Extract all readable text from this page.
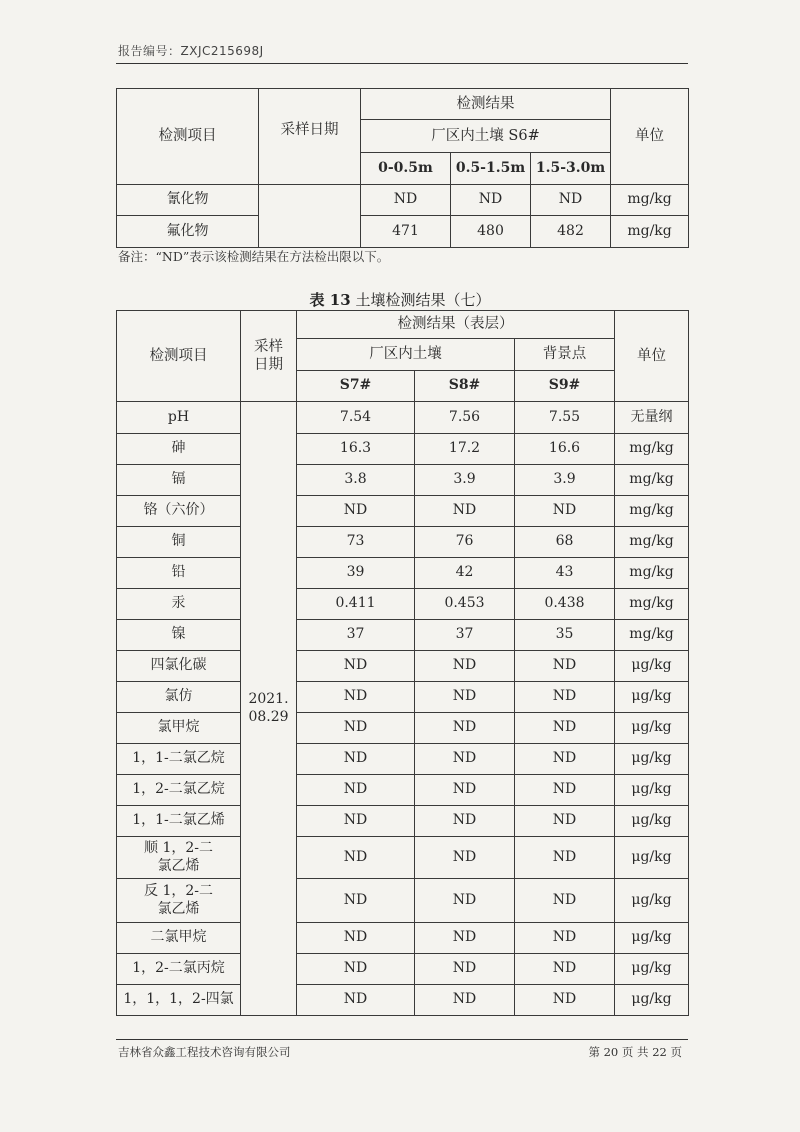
报告编号：ZXJC215698J
检测项目	采样日期	检测结果			单位
		厂区内土壤 S6#			
		0-0.5m	0.5-1.5m	1.5-3.0m	
氰化物		ND	ND	ND	mg/kg
氟化物		471	480	482	mg/kg
备注：“ND”表示该检测结果在方法检出限以下。
表 13 土壤检测结果（七）
检测项目	采样日期	检测结果（表层）			单位
		厂区内土壤		背景点	
		S7#	S8#	S9#	
pH	2021.08.29	7.54	7.56	7.55	无量纲
砷		16.3	17.2	16.6	mg/kg
镉		3.8	3.9	3.9	mg/kg
铬（六价）		ND	ND	ND	mg/kg
铜		73	76	68	mg/kg
铅		39	42	43	mg/kg
汞		0.411	0.453	0.438	mg/kg
镍		37	37	35	mg/kg
四氯化碳		ND	ND	ND	μg/kg
氯仿		ND	ND	ND	μg/kg
氯甲烷		ND	ND	ND	μg/kg
1，1-二氯乙烷		ND	ND	ND	μg/kg
1，2-二氯乙烷		ND	ND	ND	μg/kg
1，1-二氯乙烯		ND	ND	ND	μg/kg
顺 1，2-二氯乙烯		ND	ND	ND	μg/kg
反 1，2-二氯乙烯		ND	ND	ND	μg/kg
二氯甲烷		ND	ND	ND	μg/kg
1，2-二氯丙烷		ND	ND	ND	μg/kg
1，1，1，2-四氯		ND	ND	ND	μg/kg
吉林省众鑫工程技术咨询有限公司	第 20 页 共 22 页
